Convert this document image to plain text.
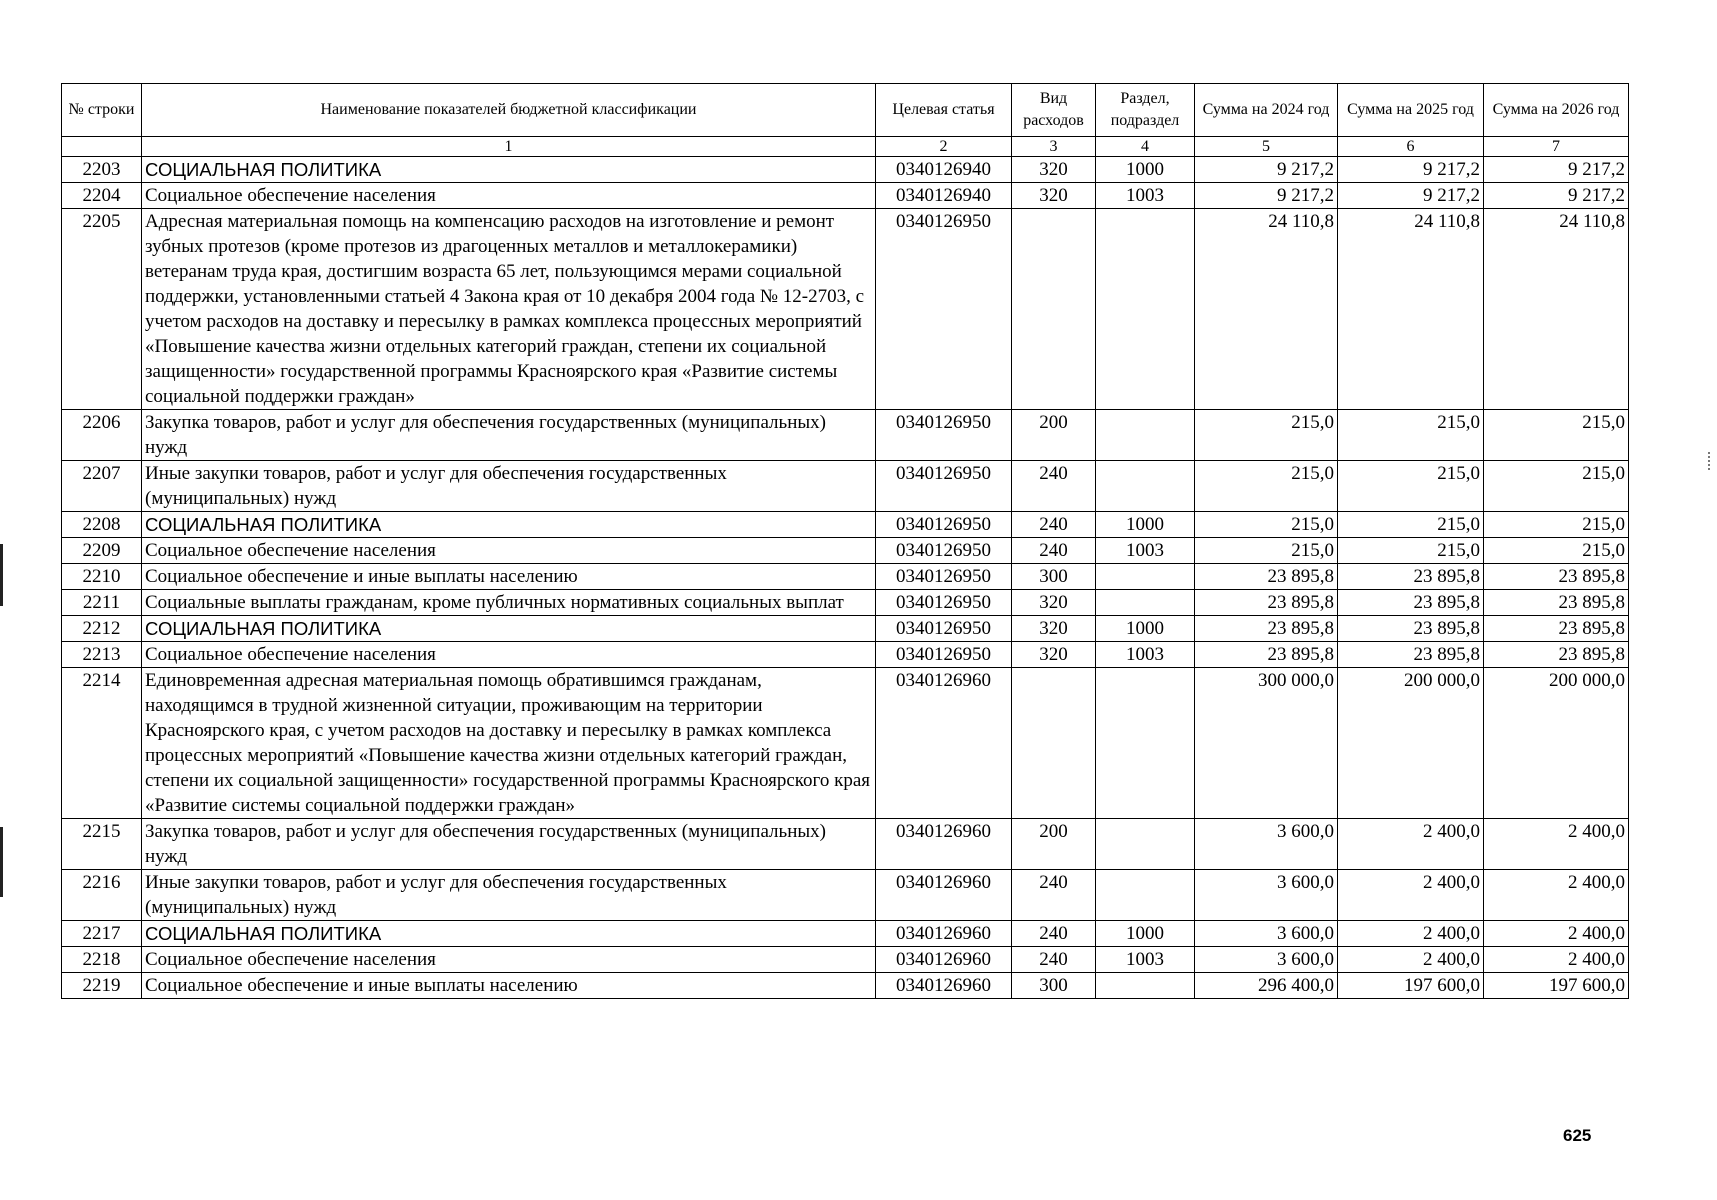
№ строки	Наименование показателей бюджетной классификации	Целевая статья	Вид расходов	Раздел, подраздел	Сумма на 2024 год	Сумма на 2025 год	Сумма на 2026 год
	1	2	3	4	5	6	7
2203	СОЦИАЛЬНАЯ ПОЛИТИКА	0340126940	320	1000	9 217,2	9 217,2	9 217,2
2204	Социальное обеспечение населения	0340126940	320	1003	9 217,2	9 217,2	9 217,2
2205	Адресная материальная помощь на компенсацию расходов на изготовление и ремонт зубных протезов (кроме протезов из драгоценных металлов и металлокерамики) ветеранам труда края, достигшим возраста 65 лет, пользующимся мерами социальной поддержки, установленными статьей 4 Закона края от 10 декабря 2004 года № 12-2703, с учетом расходов на доставку и пересылку в рамках комплекса процессных мероприятий «Повышение качества жизни отдельных категорий граждан, степени их социальной защищенности» государственной программы Красноярского края «Развитие системы социальной поддержки граждан»	0340126950			24 110,8	24 110,8	24 110,8
2206	Закупка товаров, работ и услуг для обеспечения государственных (муниципальных) нужд	0340126950	200		215,0	215,0	215,0
2207	Иные закупки товаров, работ и услуг для обеспечения государственных (муниципальных) нужд	0340126950	240		215,0	215,0	215,0
2208	СОЦИАЛЬНАЯ ПОЛИТИКА	0340126950	240	1000	215,0	215,0	215,0
2209	Социальное обеспечение населения	0340126950	240	1003	215,0	215,0	215,0
2210	Социальное обеспечение и иные выплаты населению	0340126950	300		23 895,8	23 895,8	23 895,8
2211	Социальные выплаты гражданам, кроме публичных нормативных социальных выплат	0340126950	320		23 895,8	23 895,8	23 895,8
2212	СОЦИАЛЬНАЯ ПОЛИТИКА	0340126950	320	1000	23 895,8	23 895,8	23 895,8
2213	Социальное обеспечение населения	0340126950	320	1003	23 895,8	23 895,8	23 895,8
2214	Единовременная адресная материальная помощь обратившимся гражданам, находящимся в трудной жизненной ситуации, проживающим на территории Красноярского края, с учетом расходов на доставку и пересылку в рамках комплекса процессных мероприятий «Повышение качества жизни отдельных категорий граждан, степени их социальной защищенности» государственной программы Красноярского края «Развитие системы социальной поддержки граждан»	0340126960			300 000,0	200 000,0	200 000,0
2215	Закупка товаров, работ и услуг для обеспечения государственных (муниципальных) нужд	0340126960	200		3 600,0	2 400,0	2 400,0
2216	Иные закупки товаров, работ и услуг для обеспечения государственных (муниципальных) нужд	0340126960	240		3 600,0	2 400,0	2 400,0
2217	СОЦИАЛЬНАЯ ПОЛИТИКА	0340126960	240	1000	3 600,0	2 400,0	2 400,0
2218	Социальное обеспечение населения	0340126960	240	1003	3 600,0	2 400,0	2 400,0
2219	Социальное обеспечение и иные выплаты населению	0340126960	300		296 400,0	197 600,0	197 600,0
625
